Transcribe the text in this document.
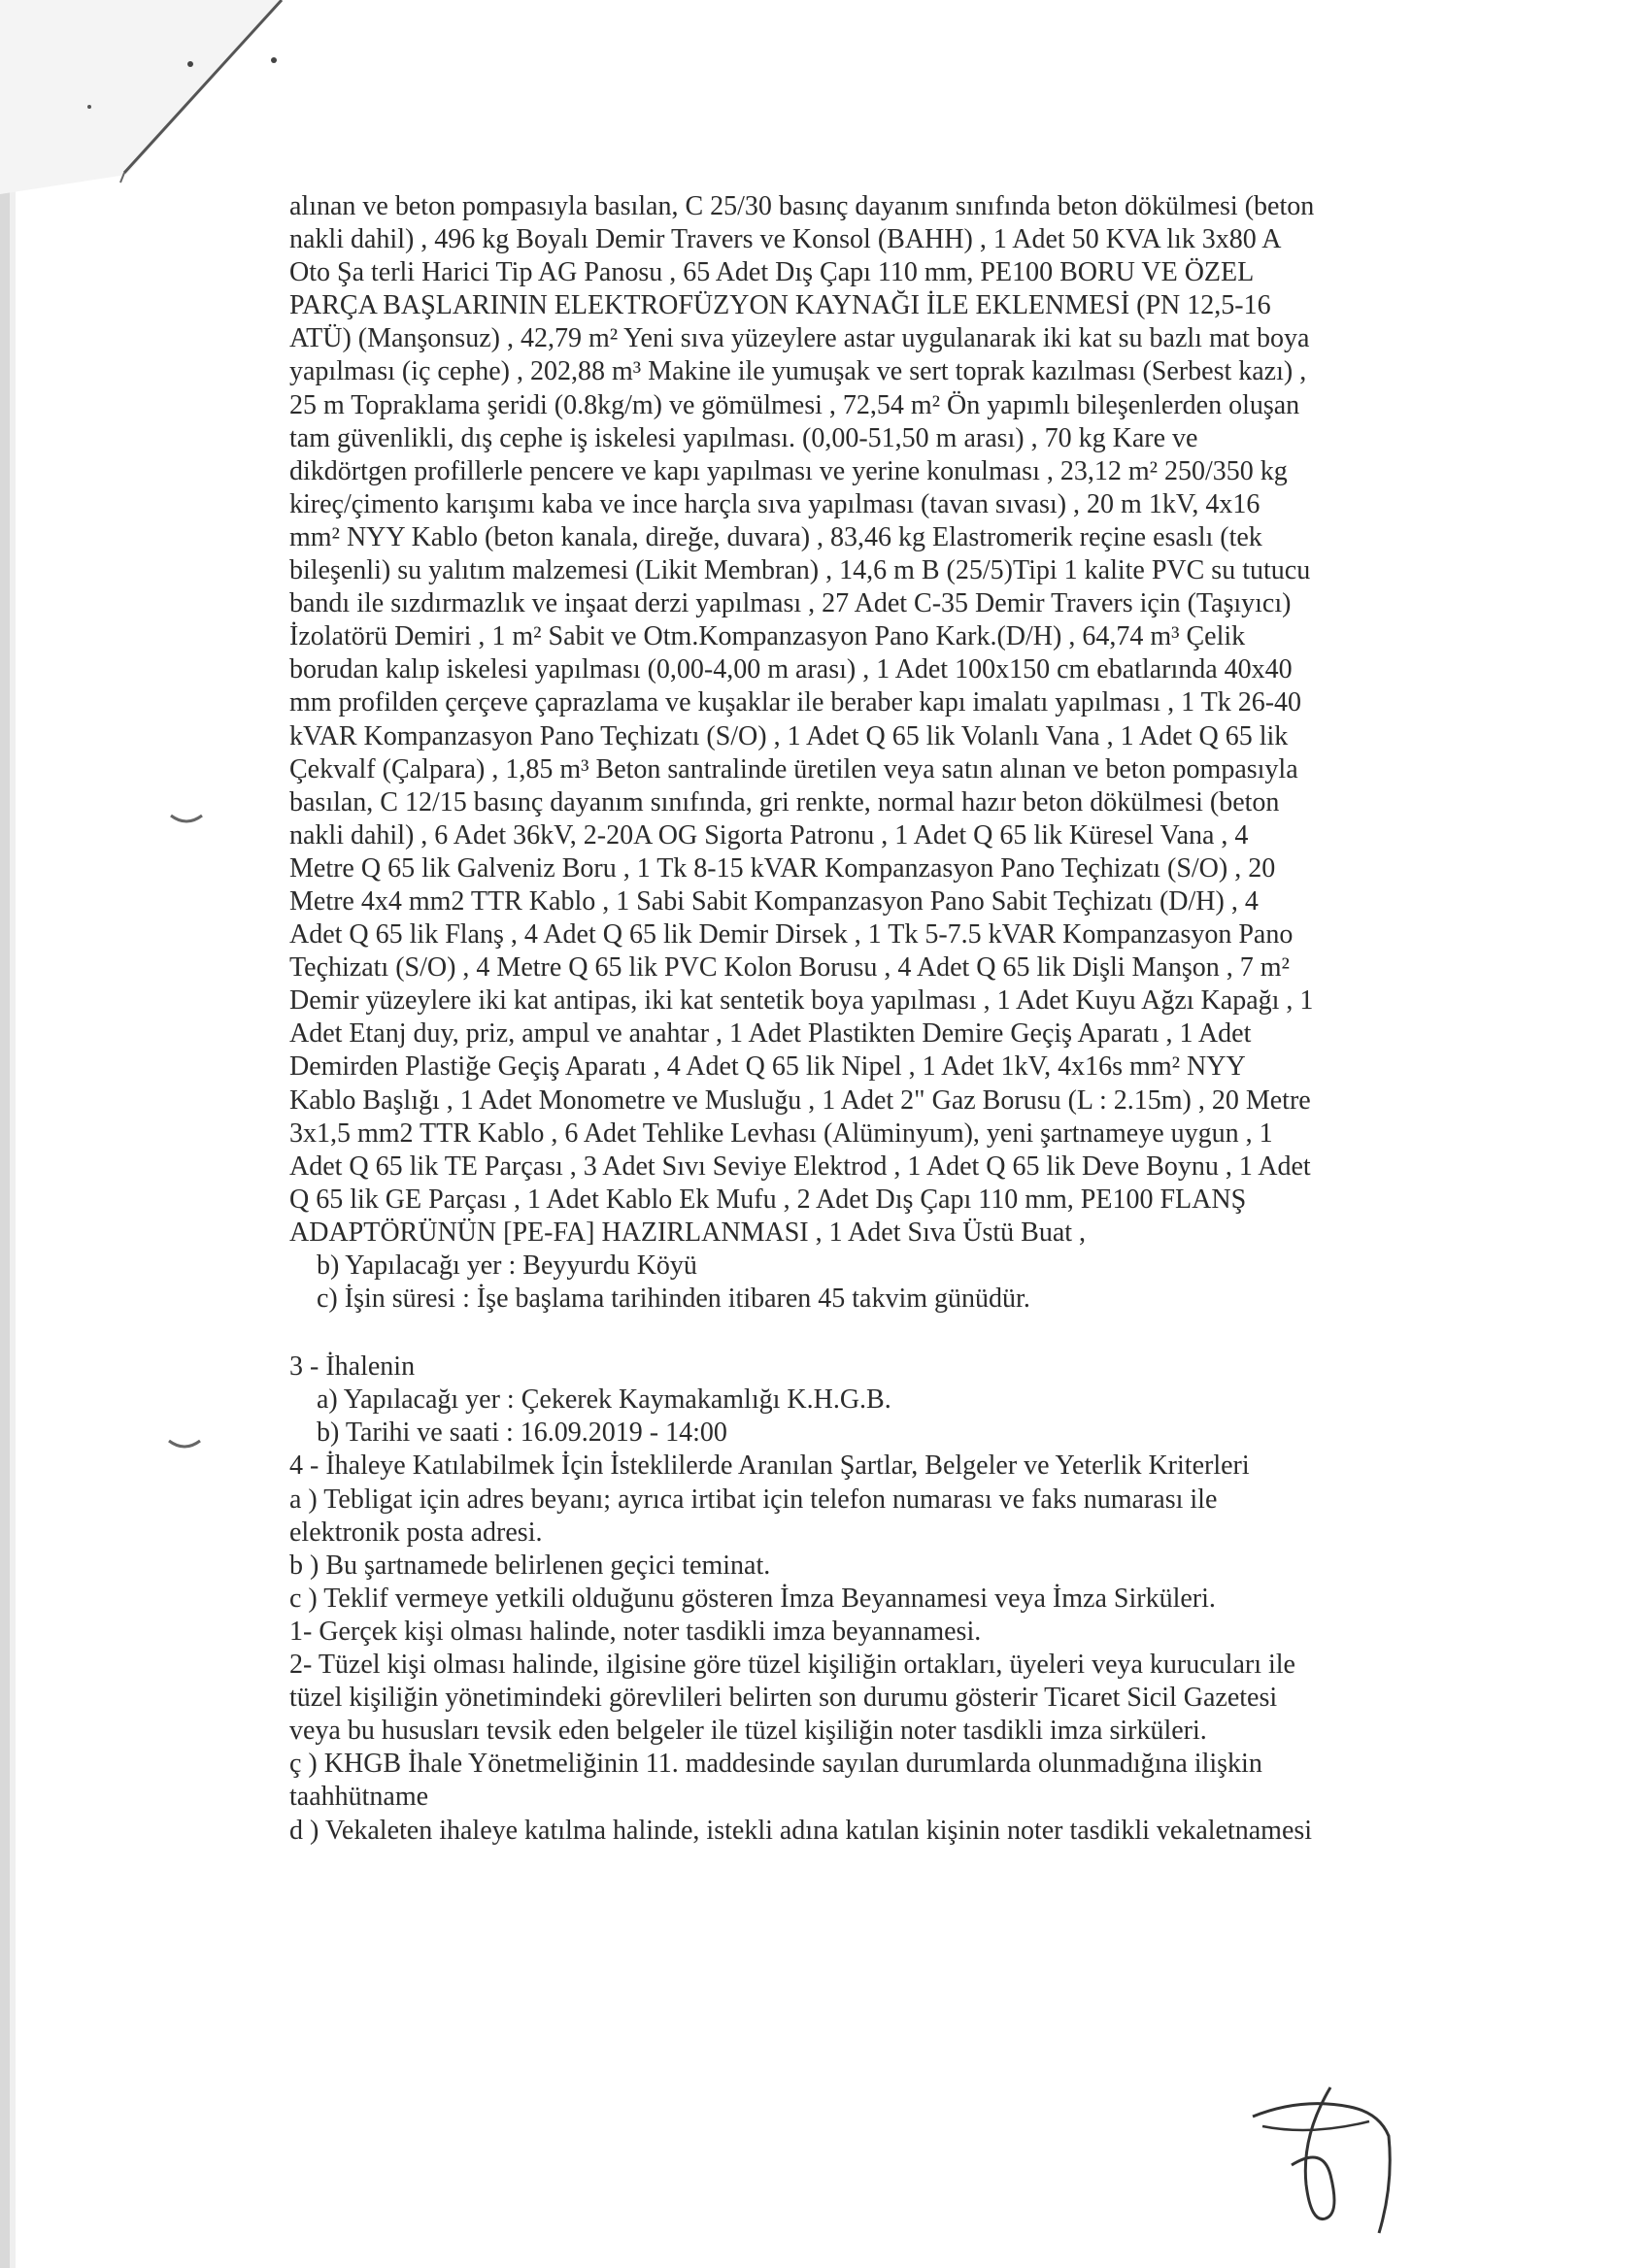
alınan ve beton pompasıyla basılan, C 25/30 basınç dayanım sınıfında beton dökülmesi (beton
nakli dahil) , 496 kg Boyalı Demir Travers ve Konsol (BAHH) , 1 Adet 50 KVA lık 3x80 A
Oto Şa terli Harici Tip AG Panosu , 65 Adet Dış Çapı 110 mm, PE100 BORU VE ÖZEL
PARÇA BAŞLARININ ELEKTROFÜZYON KAYNAĞI İLE EKLENMESİ (PN 12,5-16
ATÜ) (Manşonsuz) , 42,79 m² Yeni sıva yüzeylere astar uygulanarak iki kat su bazlı mat boya
yapılması (iç cephe) , 202,88 m³ Makine ile yumuşak ve sert toprak kazılması (Serbest kazı) ,
25 m Topraklama şeridi (0.8kg/m) ve gömülmesi , 72,54 m² Ön yapımlı bileşenlerden oluşan
tam güvenlikli, dış cephe iş iskelesi yapılması. (0,00-51,50 m arası) , 70 kg Kare ve
dikdörtgen profillerle pencere ve kapı yapılması ve yerine konulması , 23,12 m² 250/350 kg
kireç/çimento karışımı kaba ve ince harçla sıva yapılması (tavan sıvası) , 20 m 1kV, 4x16
mm² NYY Kablo (beton kanala, direğe, duvara) , 83,46 kg Elastromerik reçine esaslı (tek
bileşenli) su yalıtım malzemesi (Likit Membran) , 14,6 m B (25/5)Tipi 1 kalite PVC su tutucu
bandı ile sızdırmazlık ve inşaat derzi yapılması , 27 Adet C-35 Demir Travers için (Taşıyıcı)
İzolatörü Demiri , 1 m² Sabit ve Otm.Kompanzasyon Pano Kark.(D/H) , 64,74 m³ Çelik
borudan kalıp iskelesi yapılması (0,00-4,00 m arası) , 1 Adet 100x150 cm ebatlarında 40x40
mm profilden çerçeve çaprazlama ve kuşaklar ile beraber kapı imalatı yapılması , 1 Tk 26-40
kVAR Kompanzasyon Pano Teçhizatı (S/O) , 1 Adet Q 65 lik Volanlı Vana , 1 Adet Q 65 lik
Çekvalf (Çalpara) , 1,85 m³ Beton santralinde üretilen veya satın alınan ve beton pompasıyla
basılan, C 12/15 basınç dayanım sınıfında, gri renkte, normal hazır beton dökülmesi (beton
nakli dahil) , 6 Adet 36kV, 2-20A OG Sigorta Patronu , 1 Adet Q 65 lik Küresel Vana , 4
Metre Q 65 lik Galveniz Boru , 1 Tk 8-15 kVAR Kompanzasyon Pano Teçhizatı (S/O) , 20
Metre 4x4 mm2 TTR Kablo , 1 Sabi Sabit Kompanzasyon Pano Sabit Teçhizatı (D/H) , 4
Adet Q 65 lik Flanş , 4 Adet Q 65 lik Demir Dirsek , 1 Tk 5-7.5 kVAR Kompanzasyon Pano
Teçhizatı (S/O) , 4 Metre Q 65 lik PVC Kolon Borusu , 4 Adet Q 65 lik Dişli Manşon , 7 m²
Demir yüzeylere iki kat antipas, iki kat sentetik boya yapılması , 1 Adet Kuyu Ağzı Kapağı , 1
Adet Etanj duy, priz, ampul ve anahtar , 1 Adet Plastikten Demire Geçiş Aparatı , 1 Adet
Demirden Plastiğe Geçiş Aparatı , 4 Adet Q 65 lik Nipel , 1 Adet 1kV, 4x16s mm² NYY
Kablo Başlığı , 1 Adet Monometre ve Musluğu , 1 Adet 2" Gaz Borusu (L : 2.15m) , 20 Metre
3x1,5 mm2 TTR Kablo , 6 Adet Tehlike Levhası (Alüminyum), yeni şartnameye uygun , 1
Adet Q 65 lik TE Parçası , 3 Adet Sıvı Seviye Elektrod , 1 Adet Q 65 lik Deve Boynu , 1 Adet
Q 65 lik GE Parçası , 1 Adet Kablo Ek Mufu , 2 Adet Dış Çapı 110 mm, PE100 FLANŞ
ADAPTÖRÜNÜN [PE-FA] HAZIRLANMASI , 1 Adet Sıva Üstü Buat ,
b) Yapılacağı yer : Beyyurdu Köyü
c) İşin süresi : İşe başlama tarihinden itibaren 45 takvim günüdür.
3 - İhalenin
a) Yapılacağı yer : Çekerek Kaymakamlığı K.H.G.B.
b) Tarihi ve saati : 16.09.2019 - 14:00
4 - İhaleye Katılabilmek İçin İsteklilerde Aranılan Şartlar, Belgeler ve Yeterlik Kriterleri
a ) Tebligat için adres beyanı; ayrıca irtibat için telefon numarası ve faks numarası ile
elektronik posta adresi.
b ) Bu şartnamede belirlenen geçici teminat.
c ) Teklif vermeye yetkili olduğunu gösteren İmza Beyannamesi veya İmza Sirküleri.
1- Gerçek kişi olması halinde, noter tasdikli imza beyannamesi.
2- Tüzel kişi olması halinde, ilgisine göre tüzel kişiliğin ortakları, üyeleri veya kurucuları ile
tüzel kişiliğin yönetimindeki görevlileri belirten son durumu gösterir Ticaret Sicil Gazetesi
veya bu hususları tevsik eden belgeler ile tüzel kişiliğin noter tasdikli imza sirküleri.
ç ) KHGB İhale Yönetmeliğinin 11. maddesinde sayılan durumlarda olunmadığına ilişkin
taahhütname
d ) Vekaleten ihaleye katılma halinde, istekli adına katılan kişinin noter tasdikli vekaletnamesi
